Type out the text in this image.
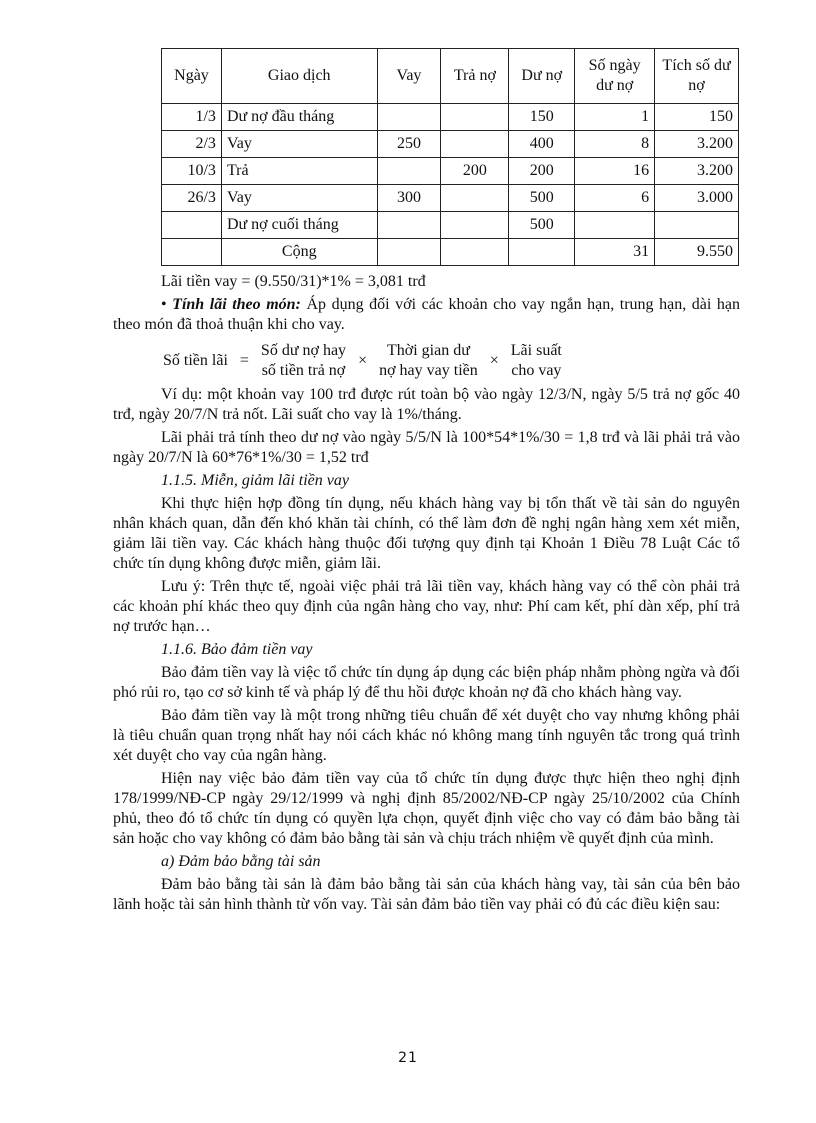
Ngày	Giao dịch	Vay	Trả nợ	Dư nợ	Số ngày dư nợ	Tích số dư nợ
1/3	Dư nợ đầu tháng			150	1	150
2/3	Vay	250		400	8	3.200
10/3	Trả		200	200	16	3.200
26/3	Vay	300		500	6	3.000
	Dư nợ cuối tháng			500		
	Cộng				31	9.550

Lãi tiền vay = (9.550/31)*1% = 3,081 trđ

• Tính lãi theo món: Áp dụng đối với các khoản cho vay ngắn hạn, trung hạn, dài hạn theo món đã thoả thuận khi cho vay.

Số tiền lãi =
Số dư nợ hay
số tiền trả nợ
×
Thời gian dư
nợ hay vay tiền
×
Lãi suất
cho vay

Ví dụ: một khoản vay 100 trđ được rút toàn bộ vào ngày 12/3/N, ngày 5/5 trả nợ gốc 40 trđ, ngày 20/7/N trả nốt. Lãi suất cho vay là 1%/tháng.

Lãi phải trả tính theo dư nợ vào ngày 5/5/N là 100*54*1%/30 = 1,8 trđ và lãi phải trả vào ngày 20/7/N là 60*76*1%/30 = 1,52 trđ

1.1.5. Miễn, giảm lãi tiền vay

Khi thực hiện hợp đồng tín dụng, nếu khách hàng vay bị tổn thất về tài sản do nguyên nhân khách quan, dẫn đến khó khăn tài chính, có thể làm đơn đề nghị ngân hàng xem xét miễn, giảm lãi tiền vay. Các khách hàng thuộc đối tượng quy định tại Khoản 1 Điều 78 Luật Các tổ chức tín dụng không được miễn, giảm lãi.

Lưu ý: Trên thực tế, ngoài việc phải trả lãi tiền vay, khách hàng vay có thể còn phải trả các khoản phí khác theo quy định của ngân hàng cho vay, như: Phí cam kết, phí dàn xếp, phí trả nợ trước hạn…

1.1.6. Bảo đảm tiền vay

Bảo đảm tiền vay là việc tổ chức tín dụng áp dụng các biện pháp nhằm phòng ngừa và đối phó rủi ro, tạo cơ sở kinh tế và pháp lý để thu hồi được khoản nợ đã cho khách hàng vay.

Bảo đảm tiền vay là một trong những tiêu chuẩn để xét duyệt cho vay nhưng không phải là tiêu chuẩn quan trọng nhất hay nói cách khác nó không mang tính nguyên tắc trong quá trình xét duyệt cho vay của ngân hàng.

Hiện nay việc bảo đảm tiền vay của tổ chức tín dụng được thực hiện theo nghị định 178/1999/NĐ-CP ngày 29/12/1999 và nghị định 85/2002/NĐ-CP ngày 25/10/2002 của Chính phủ, theo đó tổ chức tín dụng có quyền lựa chọn, quyết định việc cho vay có đảm bảo bằng tài sản hoặc cho vay không có đảm bảo bằng tài sản và chịu trách nhiệm về quyết định của mình.

a) Đảm bảo bằng tài sản

Đảm bảo bằng tài sản là đảm bảo bằng tài sản của khách hàng vay, tài sản của bên bảo lãnh hoặc tài sản hình thành từ vốn vay. Tài sản đảm bảo tiền vay phải có đủ các điều kiện sau:

21
